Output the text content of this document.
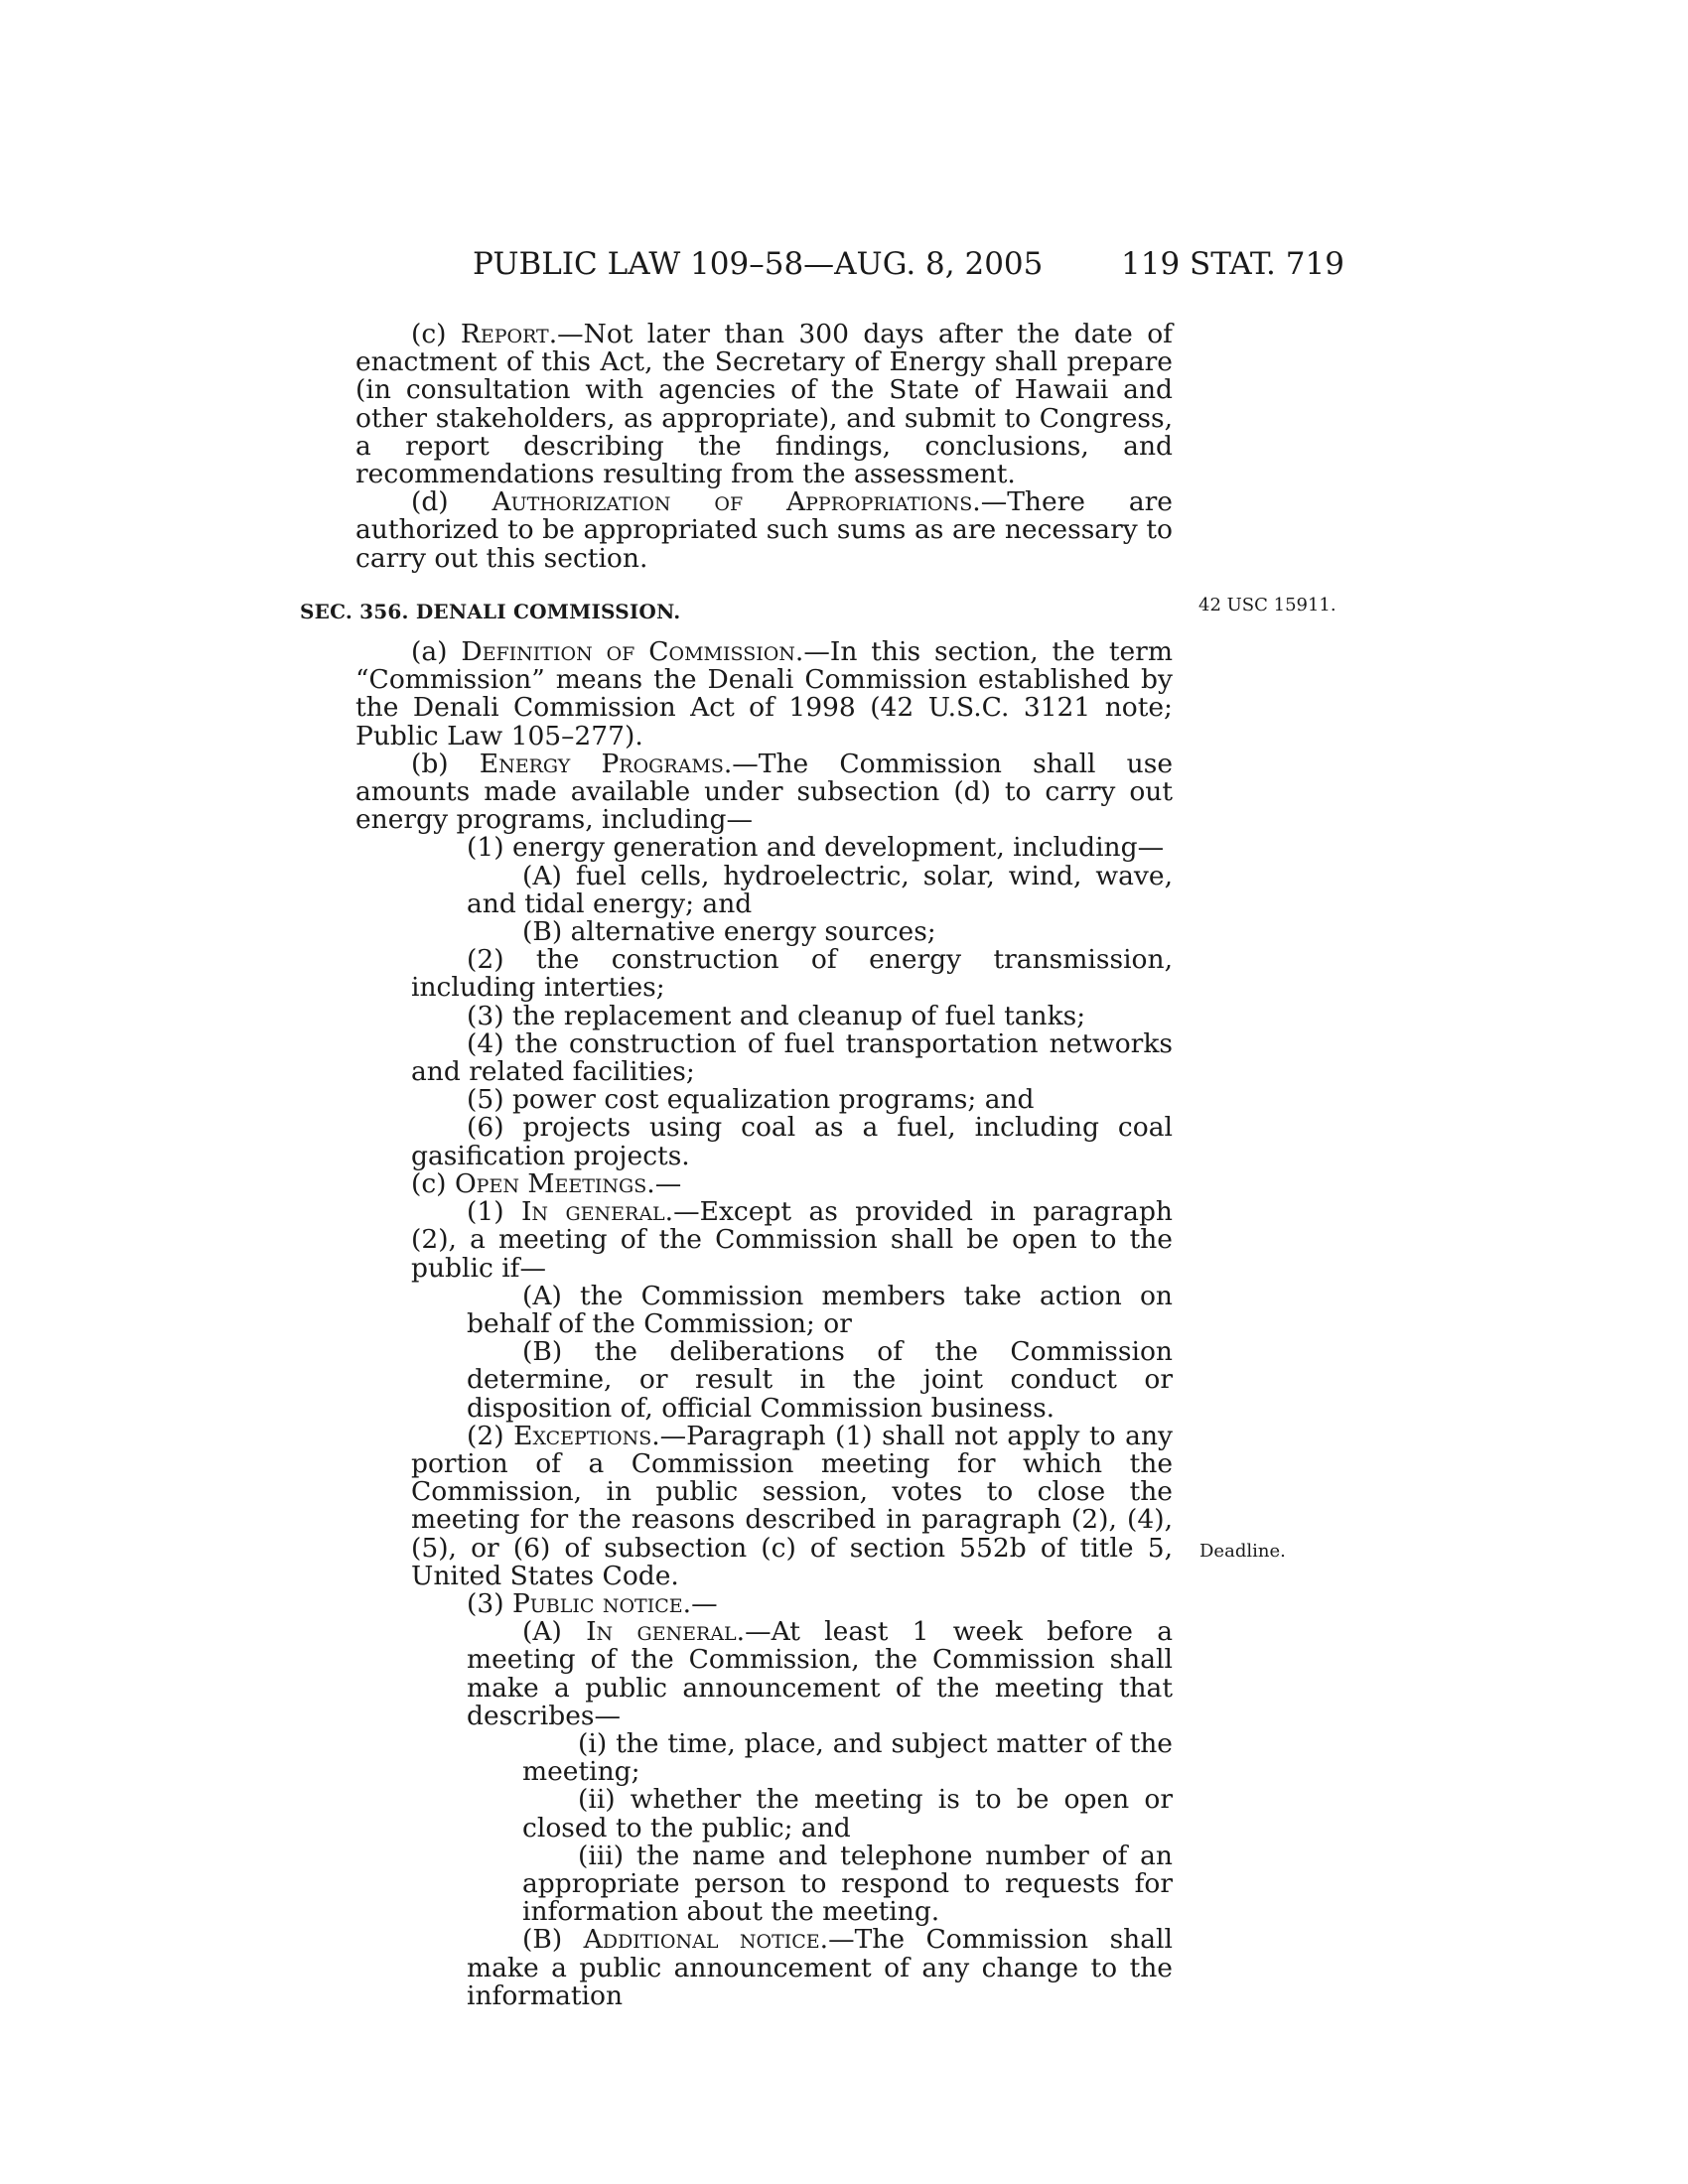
PUBLIC LAW 109–58—AUG. 8, 2005	119 STAT. 719
42 USC 15911.
Deadline.

(c) Report.—Not later than 300 days after the date of enactment of this Act, the Secretary of Energy shall prepare (in consultation with agencies of the State of Hawaii and other stakeholders, as appropriate), and submit to Congress, a report describing the findings, conclusions, and recommendations resulting from the assessment.

(d) Authorization of Appropriations.—There are authorized to be appropriated such sums as are necessary to carry out this section.

SEC. 356. DENALI COMMISSION.

(a) Definition of Commission.—In this section, the term “Commission” means the Denali Commission established by the Denali Commission Act of 1998 (42 U.S.C. 3121 note; Public Law 105–277).

(b) Energy Programs.—The Commission shall use amounts made available under subsection (d) to carry out energy programs, including—

(1) energy generation and development, including—

(A) fuel cells, hydroelectric, solar, wind, wave, and tidal energy; and

(B) alternative energy sources;

(2) the construction of energy transmission, including interties;

(3) the replacement and cleanup of fuel tanks;

(4) the construction of fuel transportation networks and related facilities;

(5) power cost equalization programs; and

(6) projects using coal as a fuel, including coal gasification projects.

(c) Open Meetings.—

(1) In general.—Except as provided in paragraph (2), a meeting of the Commission shall be open to the public if—

(A) the Commission members take action on behalf of the Commission; or

(B) the deliberations of the Commission determine, or result in the joint conduct or disposition of, official Commission business.

(2) Exceptions.—Paragraph (1) shall not apply to any portion of a Commission meeting for which the Commission, in public session, votes to close the meeting for the reasons described in paragraph (2), (4), (5), or (6) of subsection (c) of section 552b of title 5, United States Code.

(3) Public notice.—

(A) In general.—At least 1 week before a meeting of the Commission, the Commission shall make a public announcement of the meeting that describes—

(i) the time, place, and subject matter of the meeting;

(ii) whether the meeting is to be open or closed to the public; and

(iii) the name and telephone number of an appropriate person to respond to requests for information about the meeting.

(B) Additional notice.—The Commission shall make a public announcement of any change to the information
